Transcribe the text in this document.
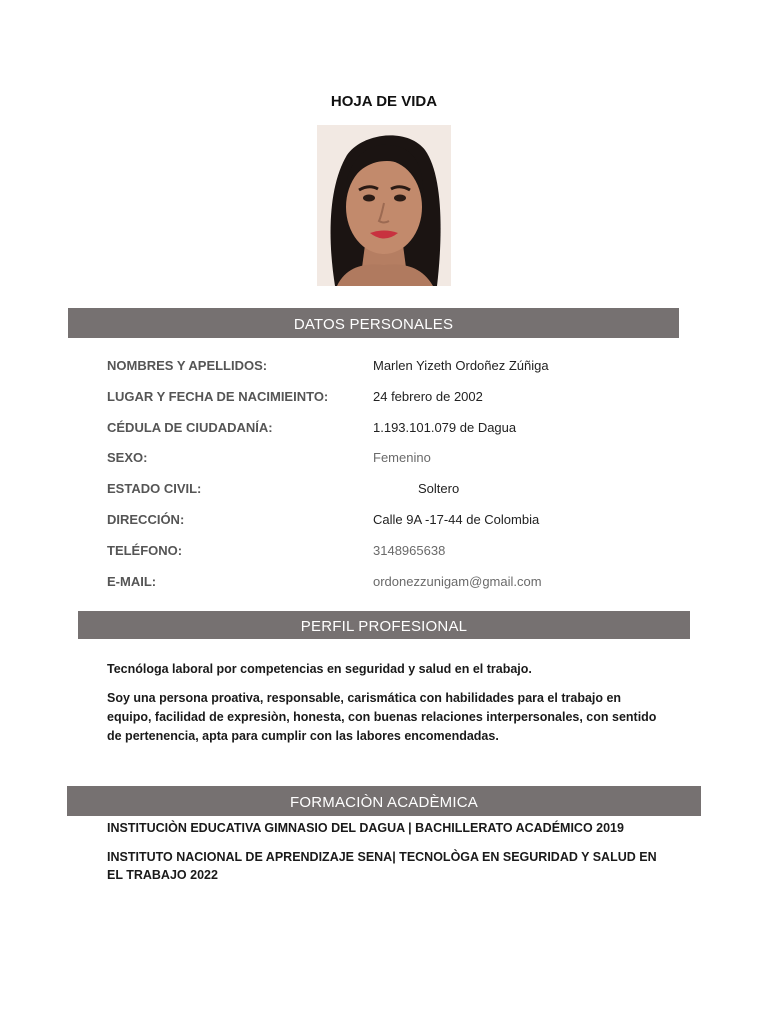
HOJA DE VIDA
DATOS PERSONALES
NOMBRES Y APELLIDOS:	Marlen Yizeth Ordoñez Zúñiga
LUGAR Y FECHA DE NACIMIEINTO:	24 febrero de 2002
CÉDULA DE CIUDADANÍA:	1.193.101.079 de Dagua
SEXO:	Femenino
ESTADO CIVIL:	Soltero
DIRECCIÓN:	Calle 9A -17-44 de Colombia
TELÉFONO:	3148965638
E-MAIL:	ordonezzunigam@gmail.com
PERFIL PROFESIONAL
Tecnóloga laboral por competencias en seguridad y salud en el trabajo.
Soy una persona proativa, responsable, carismática con habilidades para el trabajo en equipo, facilidad de expresiòn, honesta, con buenas relaciones interpersonales, con sentido de pertenencia, apta para cumplir con las labores encomendadas.
FORMACIÒN ACADÈMICA
INSTITUCIÒN EDUCATIVA GIMNASIO DEL DAGUA | BACHILLERATO ACADÉMICO 2019
INSTITUTO NACIONAL DE APRENDIZAJE SENA| TECNOLÒGA EN SEGURIDAD Y SALUD EN EL TRABAJO 2022
